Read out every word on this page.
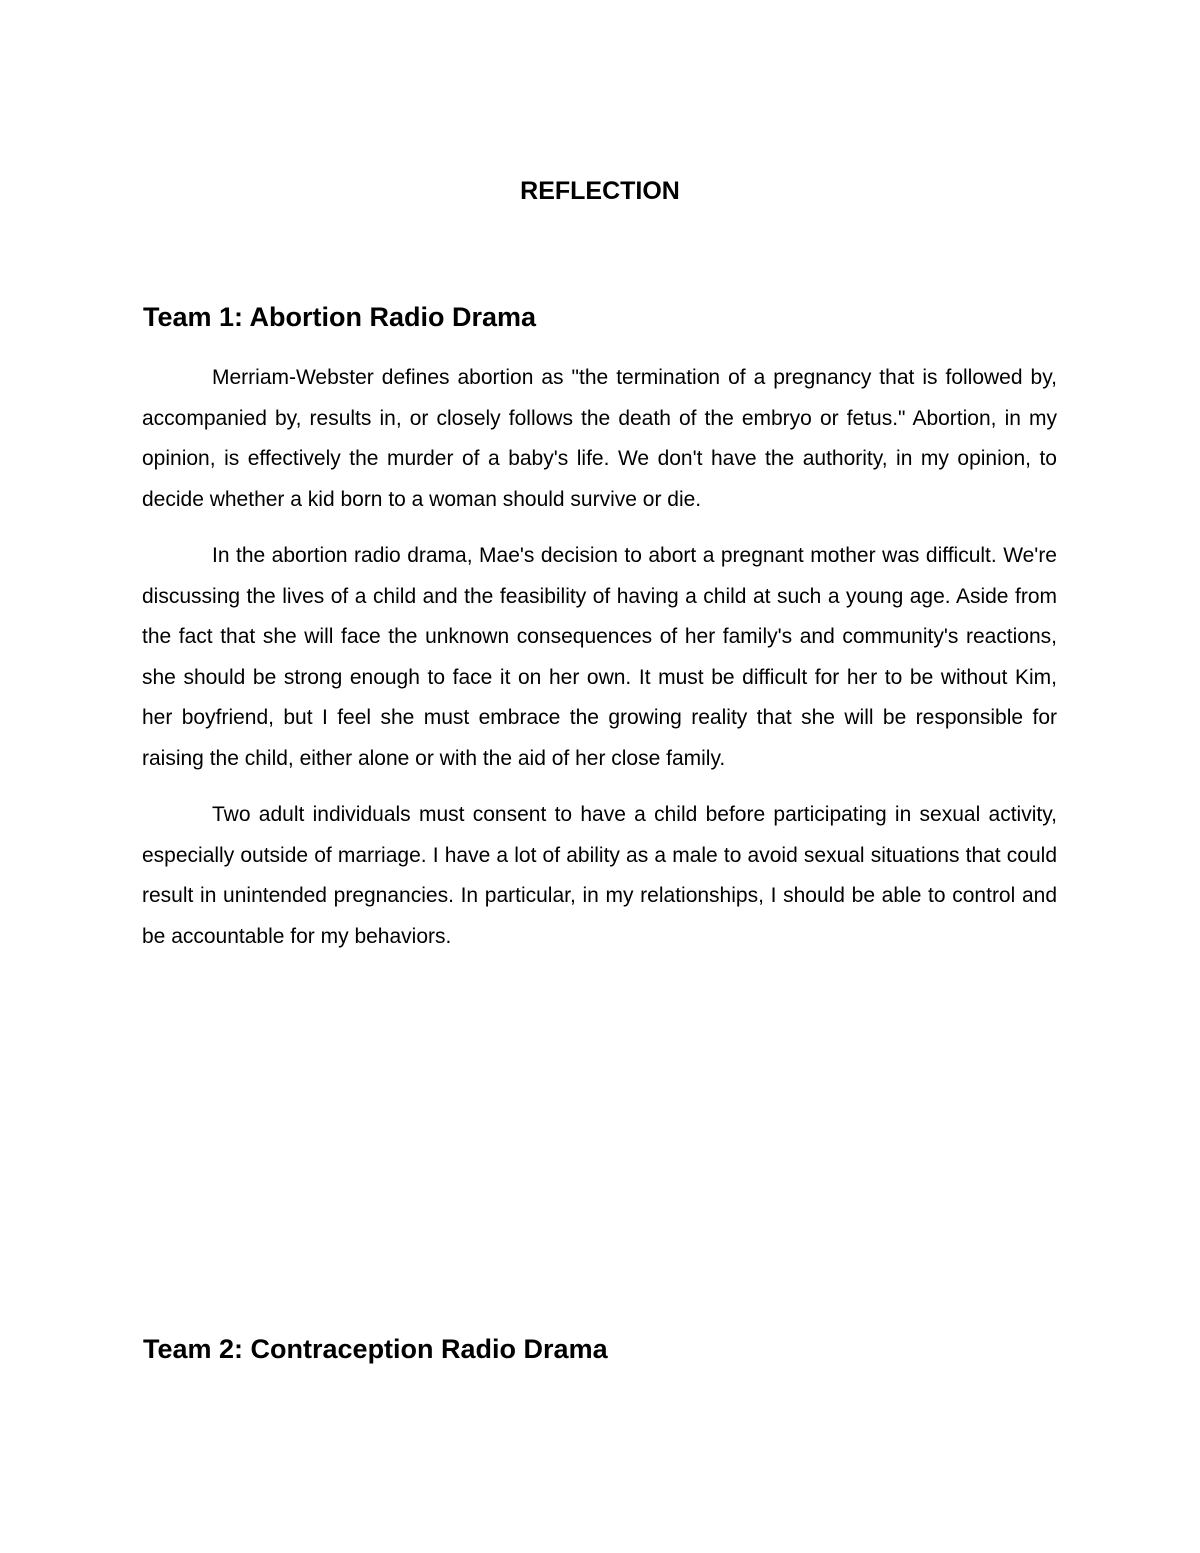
REFLECTION
Team 1: Abortion Radio Drama

Merriam-Webster defines abortion as "the termination of a pregnancy that is followed by, accompanied by, results in, or closely follows the death of the embryo or fetus." Abortion, in my opinion, is effectively the murder of a baby's life. We don't have the authority, in my opinion, to decide whether a kid born to a woman should survive or die.

In the abortion radio drama, Mae's decision to abort a pregnant mother was difficult. We're discussing the lives of a child and the feasibility of having a child at such a young age. Aside from the fact that she will face the unknown consequences of her family's and community's reactions, she should be strong enough to face it on her own. It must be difficult for her to be without Kim, her boyfriend, but I feel she must embrace the growing reality that she will be responsible for raising the child, either alone or with the aid of her close family.

Two adult individuals must consent to have a child before participating in sexual activity, especially outside of marriage. I have a lot of ability as a male to avoid sexual situations that could result in unintended pregnancies. In particular, in my relationships, I should be able to control and be accountable for my behaviors.

Team 2: Contraception Radio Drama
